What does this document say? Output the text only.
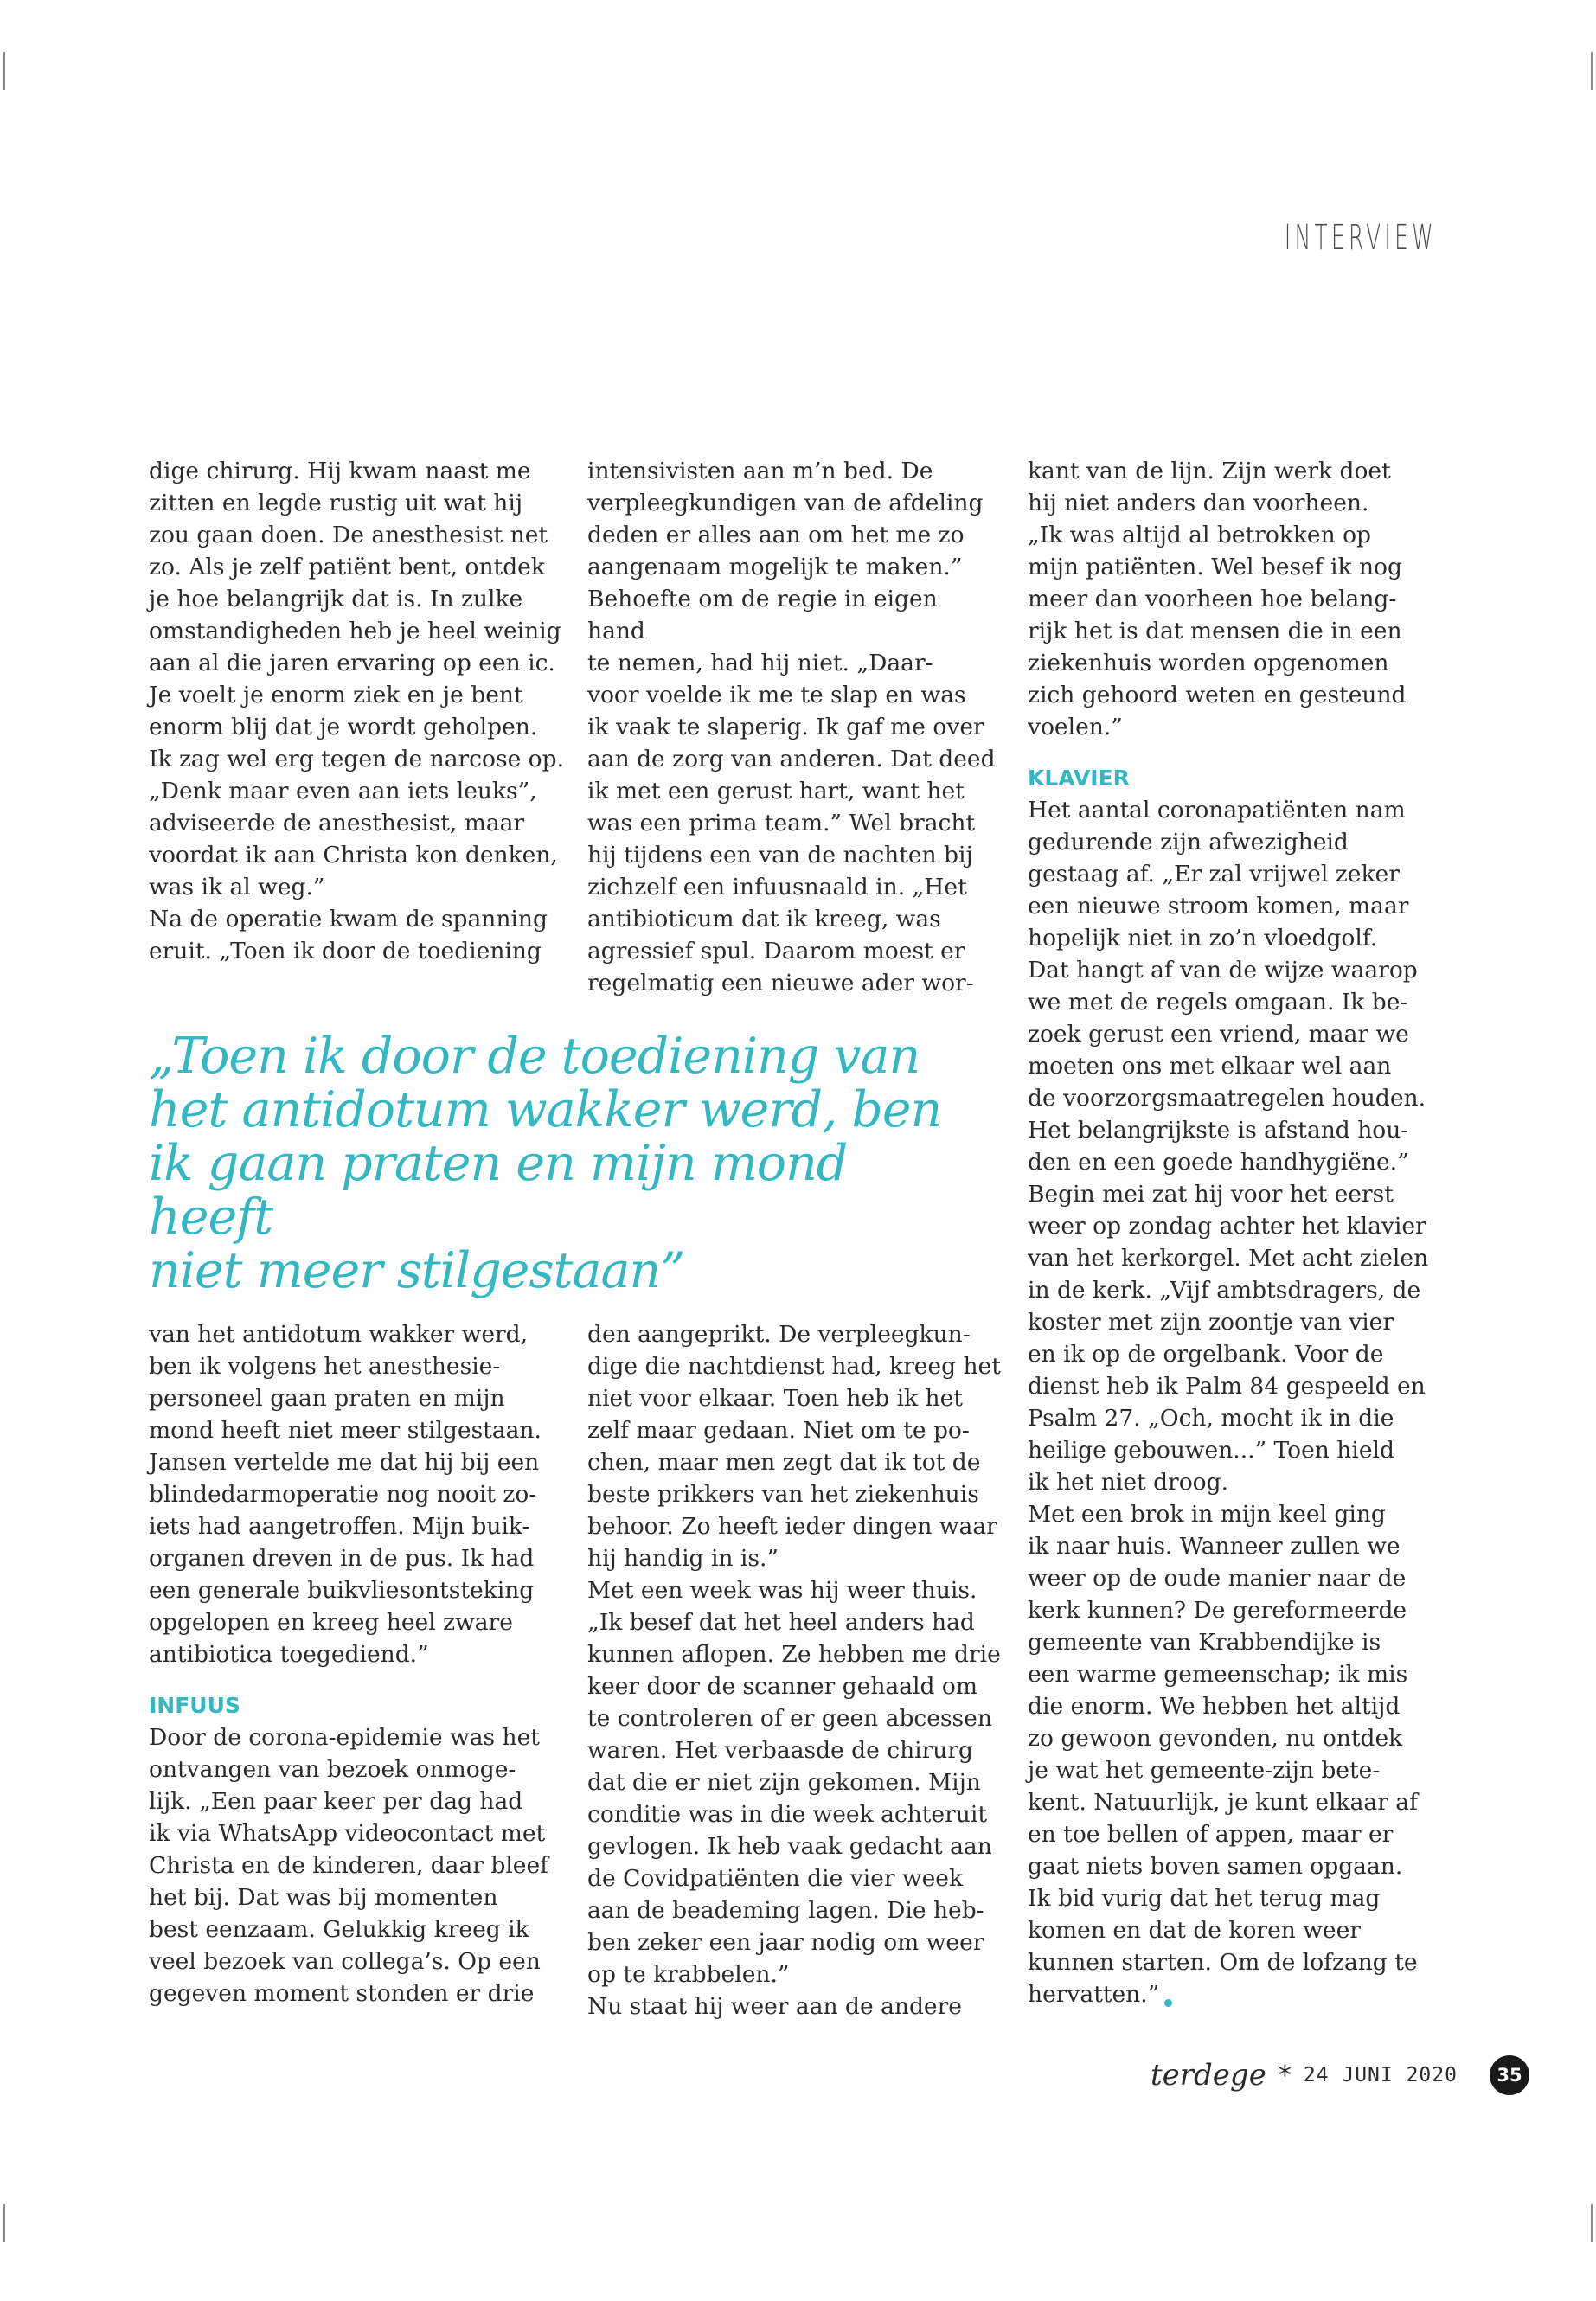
INTERVIEW

dige chirurg. Hij kwam naast me
zitten en legde rustig uit wat hij
zou gaan doen. De anesthesist net
zo. Als je zelf patiënt bent, ontdek
je hoe belangrijk dat is. In zulke
omstandigheden heb je heel weinig
aan al die jaren ervaring op een ic.
Je voelt je enorm ziek en je bent
enorm blij dat je wordt geholpen.
Ik zag wel erg tegen de narcose op.
„Denk maar even aan iets leuks”,
adviseerde de anesthesist, maar
voordat ik aan Christa kon denken,
was ik al weg.”
Na de operatie kwam de spanning
eruit. „Toen ik door de toediening

intensivisten aan m’n bed. De
verpleegkundigen van de afdeling
deden er alles aan om het me zo
aangenaam mogelijk te maken.”
Behoefte om de regie in eigen hand
te nemen, had hij niet. „Daar-
voor voelde ik me te slap en was
ik vaak te slaperig. Ik gaf me over
aan de zorg van anderen. Dat deed
ik met een gerust hart, want het
was een prima team.” Wel bracht
hij tijdens een van de nachten bij
zichzelf een infuusnaald in. „Het
antibioticum dat ik kreeg, was
agressief spul. Daarom moest er
regelmatig een nieuwe ader wor-

„Toen ik door de toediening van
het antidotum wakker werd, ben
ik gaan praten en mijn mond heeft
niet meer stilgestaan”

van het antidotum wakker werd,
ben ik volgens het anesthesie-
personeel gaan praten en mijn
mond heeft niet meer stilgestaan.
Jansen vertelde me dat hij bij een
blindedarmoperatie nog nooit zo-
iets had aangetroffen. Mijn buik-
organen dreven in de pus. Ik had
een generale buikvliesontsteking
opgelopen en kreeg heel zware
antibiotica toegediend.”

INFUUS

Door de corona-epidemie was het
ontvangen van bezoek onmoge-
lijk. „Een paar keer per dag had
ik via WhatsApp videocontact met
Christa en de kinderen, daar bleef
het bij. Dat was bij momenten
best eenzaam. Gelukkig kreeg ik
veel bezoek van collega’s. Op een
gegeven moment stonden er drie

den aangeprikt. De verpleegkun-
dige die nachtdienst had, kreeg het
niet voor elkaar. Toen heb ik het
zelf maar gedaan. Niet om te po-
chen, maar men zegt dat ik tot de
beste prikkers van het ziekenhuis
behoor. Zo heeft ieder dingen waar
hij handig in is.”
Met een week was hij weer thuis.
„Ik besef dat het heel anders had
kunnen aflopen. Ze hebben me drie
keer door de scanner gehaald om
te controleren of er geen abcessen
waren. Het verbaasde de chirurg
dat die er niet zijn gekomen. Mijn
conditie was in die week achteruit
gevlogen. Ik heb vaak gedacht aan
de Covidpatiënten die vier week
aan de beademing lagen. Die heb-
ben zeker een jaar nodig om weer
op te krabbelen.”
Nu staat hij weer aan de andere

kant van de lijn. Zijn werk doet
hij niet anders dan voorheen.
„Ik was altijd al betrokken op
mijn patiënten. Wel besef ik nog
meer dan voorheen hoe belang-
rijk het is dat mensen die in een
ziekenhuis worden opgenomen
zich gehoord weten en gesteund
voelen.”

KLAVIER

Het aantal coronapatiënten nam
gedurende zijn afwezigheid
gestaag af. „Er zal vrijwel zeker
een nieuwe stroom komen, maar
hopelijk niet in zo’n vloedgolf.
Dat hangt af van de wijze waarop
we met de regels omgaan. Ik be-
zoek gerust een vriend, maar we
moeten ons met elkaar wel aan
de voorzorgsmaatregelen houden.
Het belangrijkste is afstand hou-
den en een goede handhygiëne.”
Begin mei zat hij voor het eerst
weer op zondag achter het klavier
van het kerkorgel. Met acht zielen
in de kerk. „Vijf ambtsdragers, de
koster met zijn zoontje van vier
en ik op de orgelbank. Voor de
dienst heb ik Palm 84 gespeeld en
Psalm 27. „Och, mocht ik in die
heilige gebouwen...” Toen hield
ik het niet droog.
Met een brok in mijn keel ging
ik naar huis. Wanneer zullen we
weer op de oude manier naar de
kerk kunnen? De gereformeerde
gemeente van Krabbendijke is
een warme gemeenschap; ik mis
die enorm. We hebben het altijd
zo gewoon gevonden, nu ontdek
je wat het gemeente-zijn bete-
kent. Natuurlijk, je kunt elkaar af
en toe bellen of appen, maar er
gaat niets boven samen opgaan.
Ik bid vurig dat het terug mag
komen en dat de koren weer
kunnen starten. Om de lofzang te
hervatten.”

terdege * 24 JUNI 2020	35
